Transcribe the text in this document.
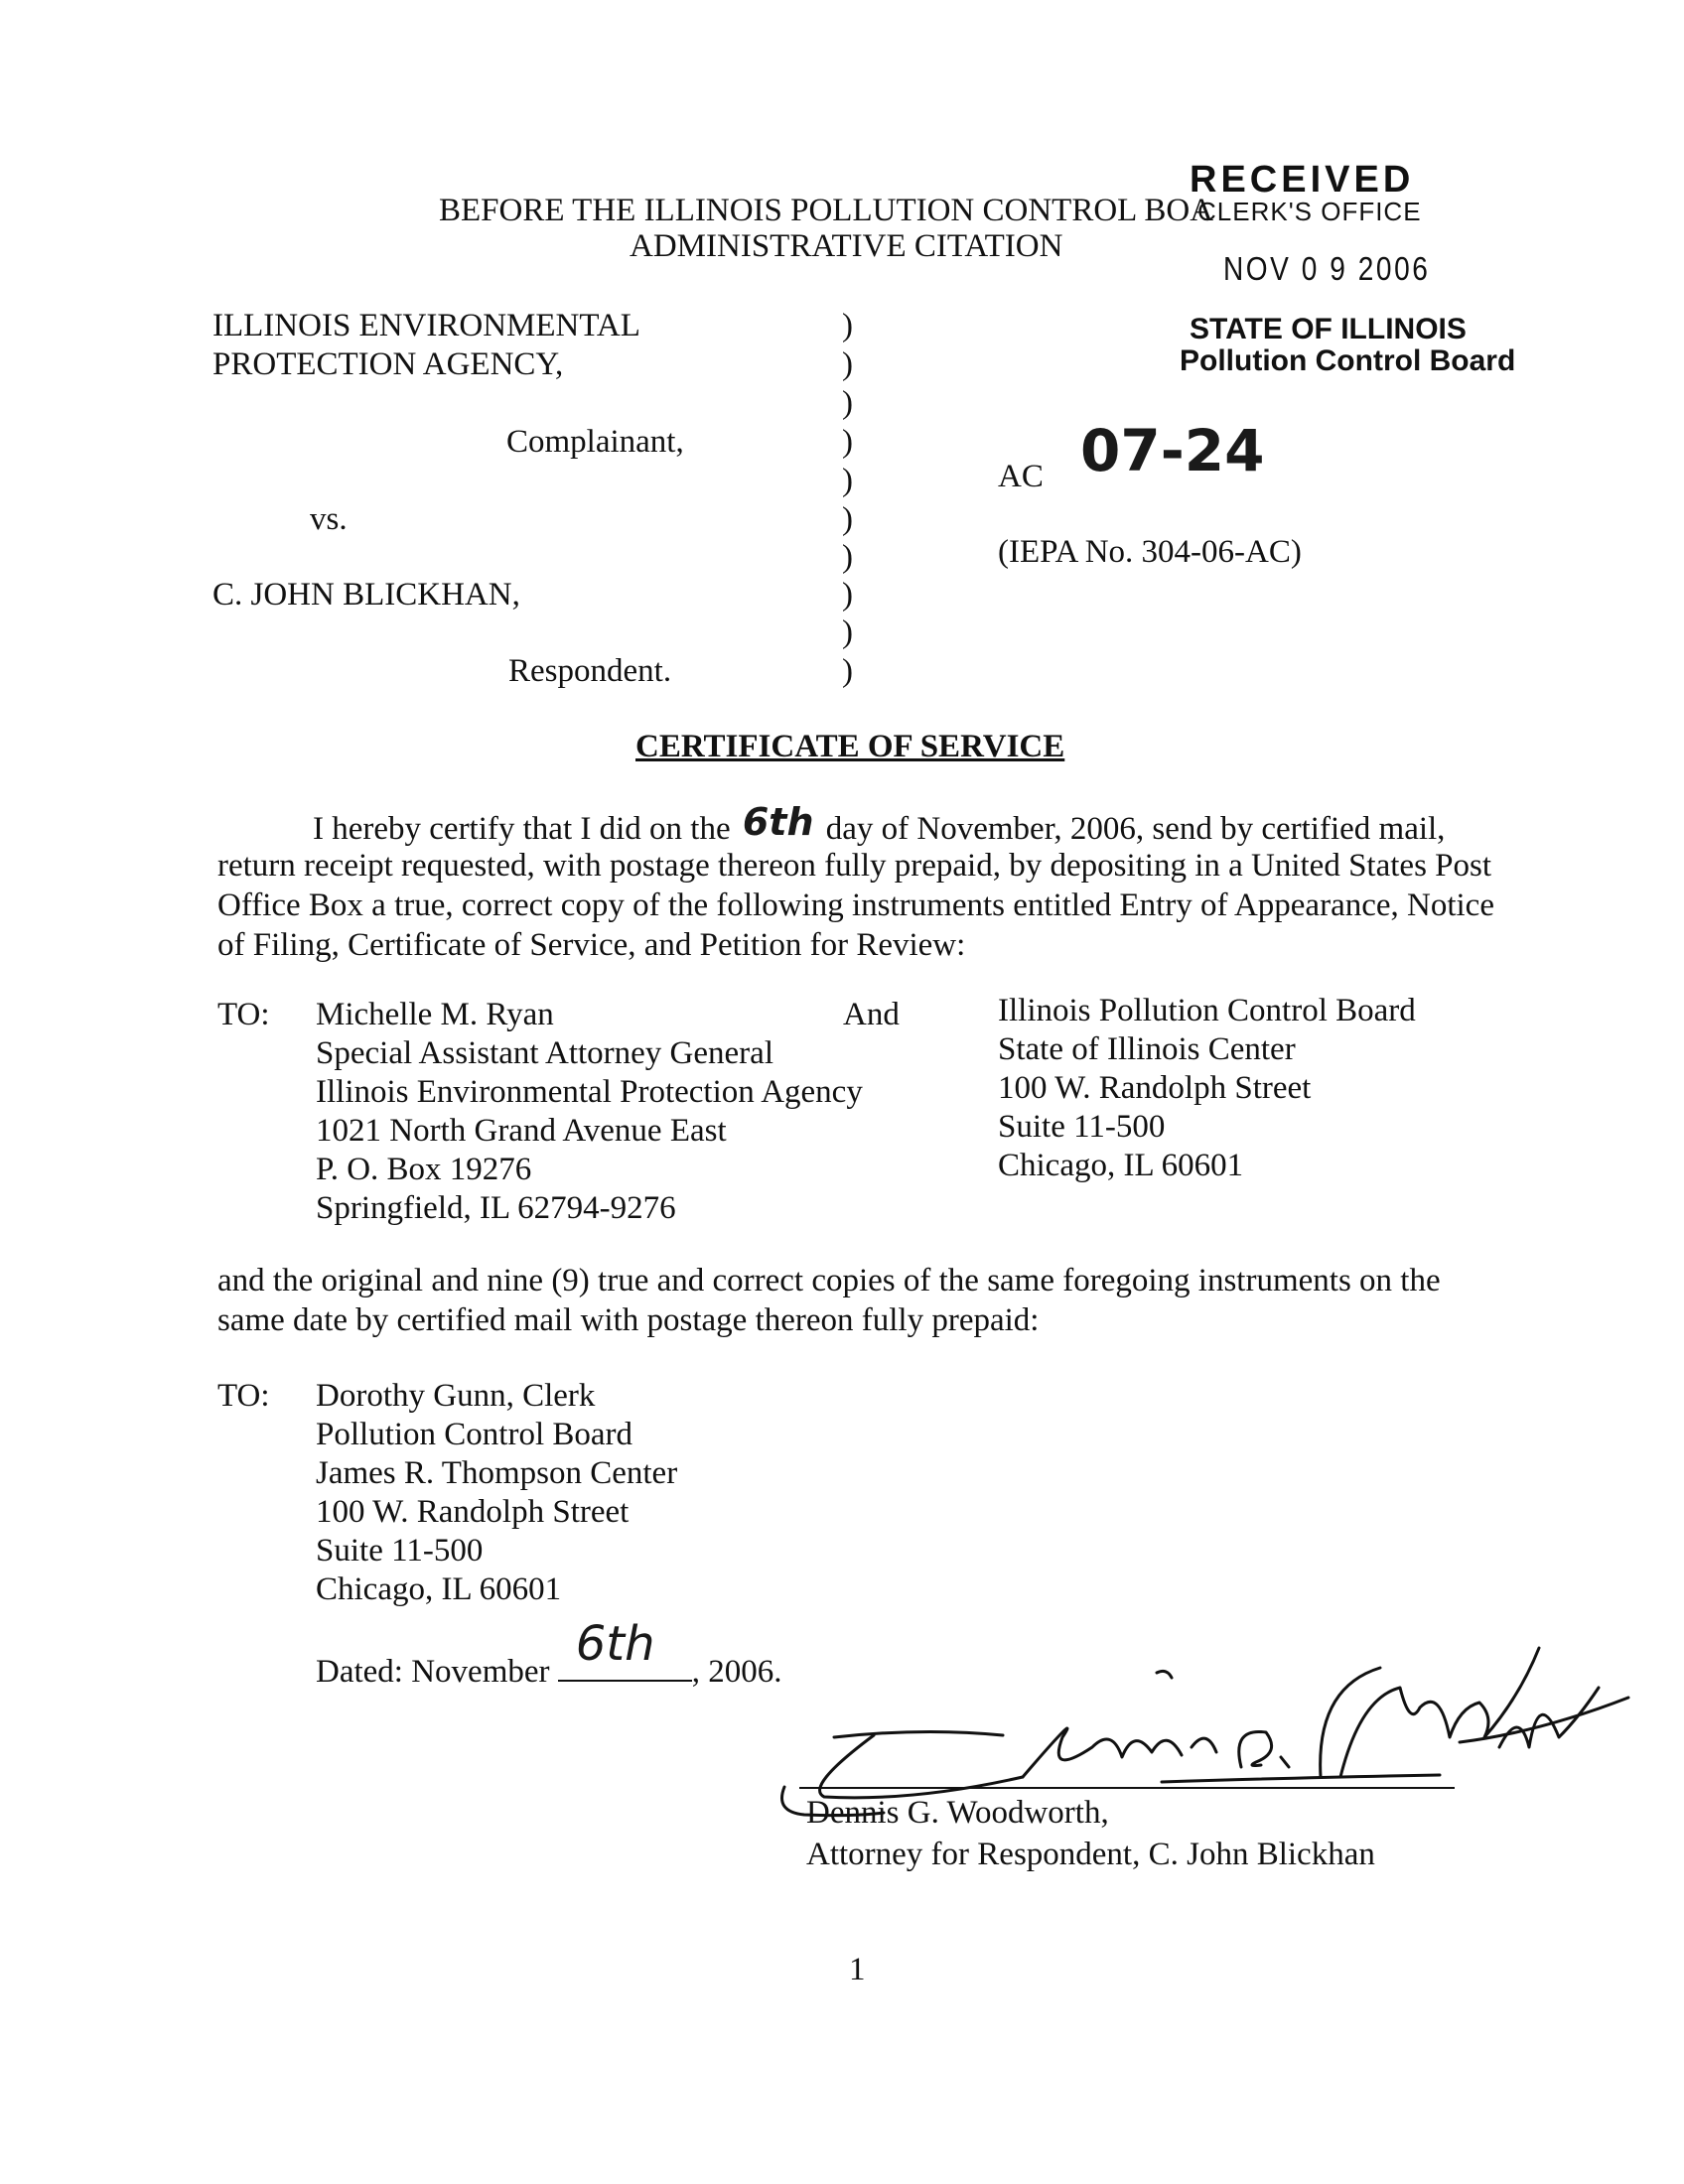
RECEIVED
CLERK'S OFFICE
NOV 0 9 2006
STATE OF ILLINOIS
Pollution Control Board
BEFORE THE ILLINOIS POLLUTION CONTROL BOA
ADMINISTRATIVE CITATION
ILLINOIS ENVIRONMENTAL
PROTECTION AGENCY,
Complainant,
vs.
C. JOHN BLICKHAN,
Respondent.
)
)
)
)
)
)
)
)
)
)
AC 07-24
(IEPA No. 304-06-AC)
CERTIFICATE OF SERVICE
I hereby certify that I did on the 6th day of November, 2006, send by certified mail,
return receipt requested, with postage thereon fully prepaid, by depositing in a United States Post
Office Box a true, correct copy of the following instruments entitled Entry of Appearance, Notice
of Filing, Certificate of Service, and Petition for Review:
TO: Michelle M. Ryan
Special Assistant Attorney General
Illinois Environmental Protection Agency
1021 North Grand Avenue East
P. O. Box 19276
Springfield, IL 62794-9276
And	Illinois Pollution Control Board
State of Illinois Center
100 W. Randolph Street
Suite 11-500
Chicago, IL 60601
and the original and nine (9) true and correct copies of the same foregoing instruments on the
same date by certified mail with postage thereon fully prepaid:
TO: Dorothy Gunn, Clerk
Pollution Control Board
James R. Thompson Center
100 W. Randolph Street
Suite 11-500
Chicago, IL 60601
Dated: November 6th , 2006.
Dennis G. Woodworth,
Attorney for Respondent, C. John Blickhan
1
